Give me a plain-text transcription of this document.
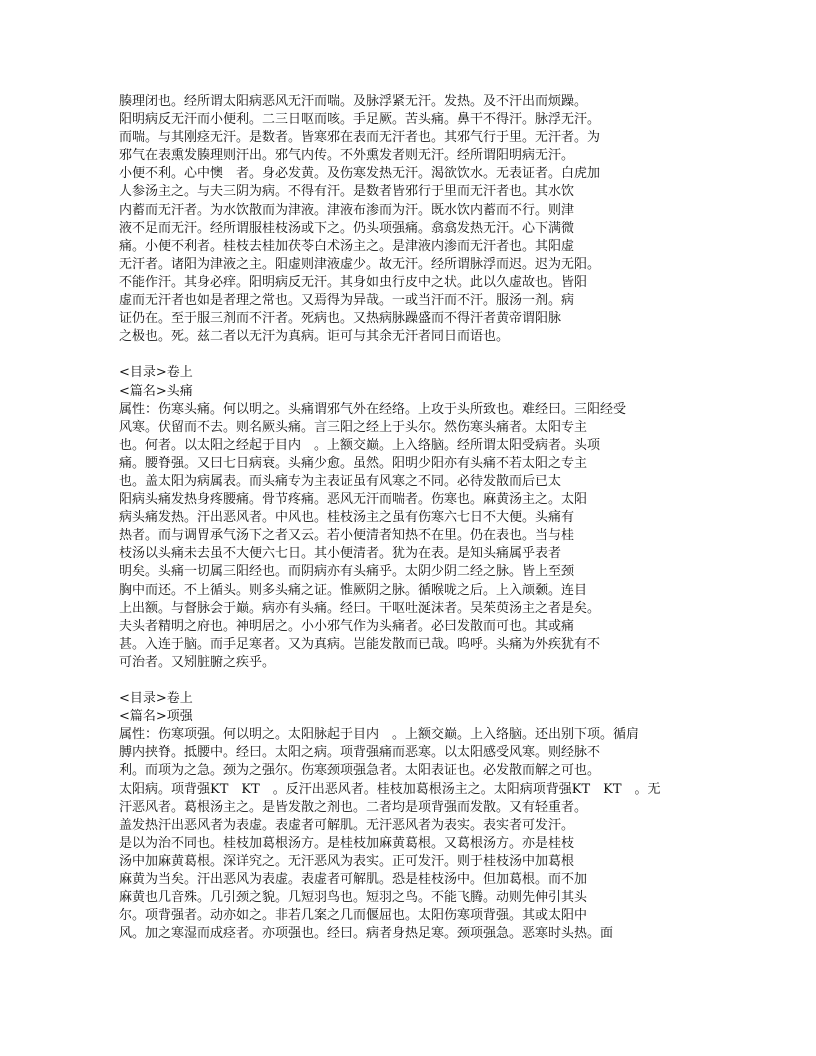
腠理闭也。经所谓太阳病恶风无汗而喘。及脉浮紧无汗。发热。及不汗出而烦躁。
阳明病反无汗而小便利。二三日呕而咳。手足厥。苦头痛。鼻干不得汗。脉浮无汗。
而喘。与其刚痉无汗。是数者。皆寒邪在表而无汗者也。其邪气行于里。无汗者。为
邪气在表熏发腠理则汗出。邪气内传。不外熏发者则无汗。经所谓阳明病无汗。
小便不利。心中懊　者。身必发黄。及伤寒发热无汗。渴欲饮水。无表证者。白虎加
人参汤主之。与夫三阴为病。不得有汗。是数者皆邪行于里而无汗者也。其水饮
内蓄而无汗者。为水饮散而为津液。津液布渗而为汗。既水饮内蓄而不行。则津
液不足而无汗。经所谓服桂枝汤或下之。仍头项强痛。翕翕发热无汗。心下满微
痛。小便不利者。桂枝去桂加茯苓白术汤主之。是津液内渗而无汗者也。其阳虚
无汗者。诸阳为津液之主。阳虚则津液虚少。故无汗。经所谓脉浮而迟。迟为无阳。
不能作汗。其身必痒。阳明病反无汗。其身如虫行皮中之状。此以久虚故也。皆阳
虚而无汗者也如是者理之常也。又焉得为异哉。一或当汗而不汗。服汤一剂。病
证仍在。至于服三剂而不汗者。死病也。又热病脉躁盛而不得汗者黄帝谓阳脉
之极也。死。兹二者以无汗为真病。讵可与其余无汗者同日而语也。
<目录>卷上
<篇名>头痛
属性：伤寒头痛。何以明之。头痛谓邪气外在经络。上攻于头所致也。难经曰。三阳经受
风寒。伏留而不去。则名厥头痛。言三阳之经上于头尔。然伤寒头痛者。太阳专主
也。何者。以太阳之经起于目内　。上额交巅。上入络脑。经所谓太阳受病者。头项
痛。腰脊强。又曰七日病衰。头痛少愈。虽然。阳明少阳亦有头痛不若太阳之专主
也。盖太阳为病属表。而头痛专为主表证虽有风寒之不同。必待发散而后已太
阳病头痛发热身疼腰痛。骨节疼痛。恶风无汗而喘者。伤寒也。麻黄汤主之。太阳
病头痛发热。汗出恶风者。中风也。桂枝汤主之虽有伤寒六七日不大便。头痛有
热者。而与调胃承气汤下之者又云。若小便清者知热不在里。仍在表也。当与桂
枝汤以头痛未去虽不大便六七日。其小便清者。犹为在表。是知头痛属乎表者
明矣。头痛一切属三阳经也。而阴病亦有头痛乎。太阴少阴二经之脉。皆上至颈
胸中而还。不上循头。则多头痛之证。惟厥阴之脉。循喉咙之后。上入颃颡。连目
上出额。与督脉会于巅。病亦有头痛。经曰。干呕吐涎沫者。吴茱萸汤主之者是矣。
夫头者精明之府也。神明居之。小小邪气作为头痛者。必曰发散而可也。其或痛
甚。入连于脑。而手足寒者。又为真病。岂能发散而已哉。呜呼。头痛为外疾犹有不
可治者。又矧脏腑之疾乎。
<目录>卷上
<篇名>项强
属性：伤寒项强。何以明之。太阳脉起于目内　。上额交巅。上入络脑。还出别下项。循肩
膊内挟脊。抵腰中。经曰。太阳之病。项背强痛而恶寒。以太阳感受风寒。则经脉不
利。而项为之急。颈为之强尔。伤寒颈项强急者。太阳表证也。必发散而解之可也。
太阳病。项背强KT　KT　。反汗出恶风者。桂枝加葛根汤主之。太阳病项背强KT　KT　。无
汗恶风者。葛根汤主之。是皆发散之剂也。二者均是项背强而发散。又有轻重者。
盖发热汗出恶风者为表虚。表虚者可解肌。无汗恶风者为表实。表实者可发汗。
是以为治不同也。桂枝加葛根汤方。是桂枝加麻黄葛根。又葛根汤方。亦是桂枝
汤中加麻黄葛根。深详究之。无汗恶风为表实。正可发汗。则于桂枝汤中加葛根
麻黄为当矣。汗出恶风为表虚。表虚者可解肌。恐是桂枝汤中。但加葛根。而不加
麻黄也几音殊。几引颈之貌。几短羽鸟也。短羽之鸟。不能飞腾。动则先伸引其头
尔。项背强者。动亦如之。非若几案之几而偃屈也。太阳伤寒项背强。其或太阳中
风。加之寒湿而成痉者。亦项强也。经曰。病者身热足寒。颈项强急。恶寒时头热。面
